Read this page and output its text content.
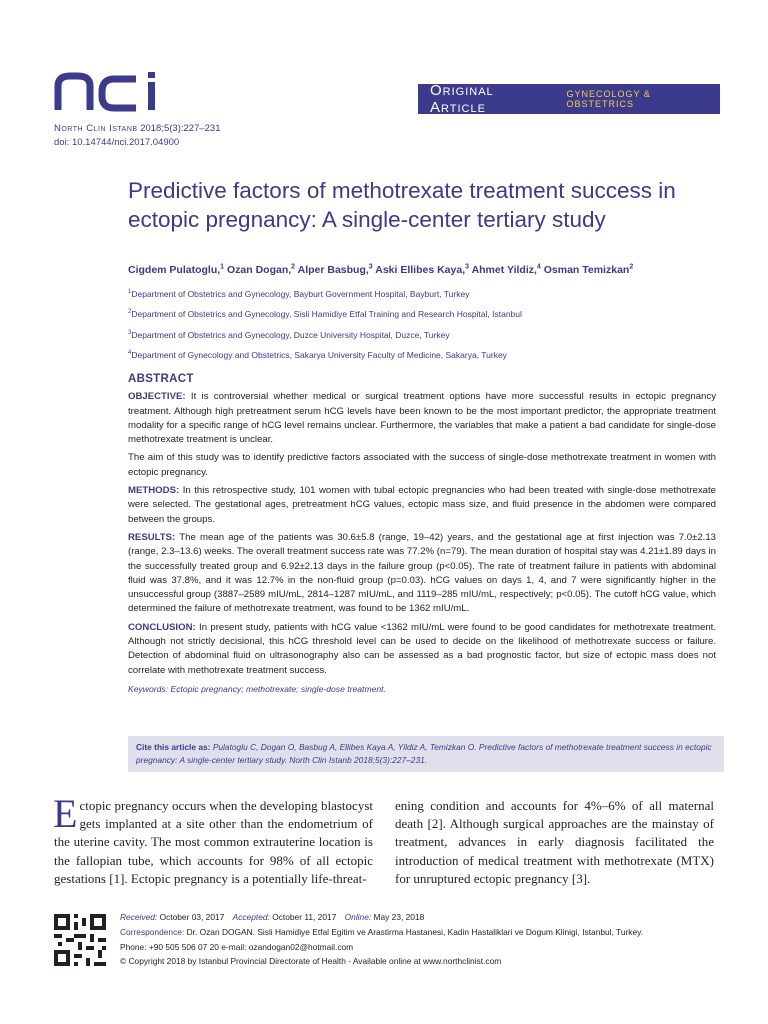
Original Article
GYNECOLOGY & OBSTETRICS
North Clin Istanb 2018;5(3):227–231
doi: 10.14744/nci.2017.04900
Predictive factors of methotrexate treatment success in ectopic pregnancy: A single-center tertiary study
Cigdem Pulatoglu,$^1$ Ozan Dogan,$^2$ Alper Basbug,$^3$ Aski Ellibes Kaya,$^3$ Ahmet Yildiz,$^4$ Osman Temizkan$^2$
$^1$Department of Obstetrics and Gynecology, Bayburt Government Hospital, Bayburt, Turkey
$^2$Department of Obstetrics and Gynecology, Sisli Hamidiye Etfal Training and Research Hospital, Istanbul
$^3$Department of Obstetrics and Gynecology, Duzce University Hospital, Duzce, Turkey
$^4$Department of Gynecology and Obstetrics, Sakarya University Faculty of Medicine, Sakarya, Turkey
ABSTRACT

OBJECTIVE: It is controversial whether medical or surgical treatment options have more successful results in ectopic pregnancy treatment. Although high pretreatment serum hCG levels have been known to be the most important predictor, the appropriate treatment modality for a specific range of hCG level remains unclear. Furthermore, the variables that make a patient a bad candidate for single-dose methotrexate treatment is unclear.

The aim of this study was to identify predictive factors associated with the success of single-dose methotrexate treatment in women with ectopic pregnancy.

METHODS: In this retrospective study, 101 women with tubal ectopic pregnancies who had been treated with single-dose methotrexate were selected. The gestational ages, pretreatment hCG values, ectopic mass size, and fluid presence in the abdomen were compared between the groups.

RESULTS: The mean age of the patients was 30.6±5.8 (range, 19–42) years, and the gestational age at first injection was 7.0±2.13 (range, 2.3–13.6) weeks. The overall treatment success rate was 77.2% (n=79). The mean duration of hospital stay was 4.21±1.89 days in the successfully treated group and 6.92±2.13 days in the failure group (p<0.05). The rate of treatment failure in patients with abdominal fluid was 37.8%, and it was 12.7% in the non-fluid group (p=0.03). hCG values on days 1, 4, and 7 were significantly higher in the unsuccessful group (3887–2589 mIU/mL, 2814–1287 mIU/mL, and 1119–285 mIU/mL, respectively; p<0.05). The cutoff hCG value, which determined the failure of methotrexate treatment, was found to be 1362 mIU/mL.

CONCLUSION: In present study, patients with hCG value <1362 mIU/mL were found to be good candidates for methotrexate treatment. Although not strictly decisional, this hCG threshold level can be used to decide on the likelihood of methotrexate success or failure. Detection of abdominal fluid on ultrasonography also can be assessed as a bad prognostic factor, but size of ectopic mass does not correlate with methotrexate treatment success.

Keywords: Ectopic pregnancy; methotrexate; single-dose treatment.
Cite this article as: Pulatoglu C, Dogan O, Basbug A, Ellibes Kaya A, Yildiz A, Temizkan O. Predictive factors of methotrexate treatment success in ectopic pregnancy: A single-center tertiary study. North Clin Istanb 2018;5(3):227–231.
Ectopic pregnancy occurs when the developing blastocyst gets implanted at a site other than the endometrium of the uterine cavity. The most common extrauterine location is the fallopian tube, which accounts for 98% of all ectopic gestations [1]. Ectopic pregnancy is a potentially life-threat-
ening condition and accounts for 4%–6% of all maternal death [2]. Although surgical approaches are the mainstay of treatment, advances in early diagnosis facilitated the introduction of medical treatment with methotrexate (MTX) for unruptured ectopic pregnancy [3].
Received: October 03, 2017 Accepted: October 11, 2017 Online: May 23, 2018
Correspondence: Dr. Ozan DOGAN. Sisli Hamidiye Etfal Egitim ve Arastirma Hastanesi, Kadin Hastaliklari ve Dogum Klinigi, Istanbul, Turkey.
Phone: +90 505 506 07 20 e-mail: ozandogan02@hotmail.com
© Copyright 2018 by Istanbul Provincial Directorate of Health - Available online at www.northclinist.com
